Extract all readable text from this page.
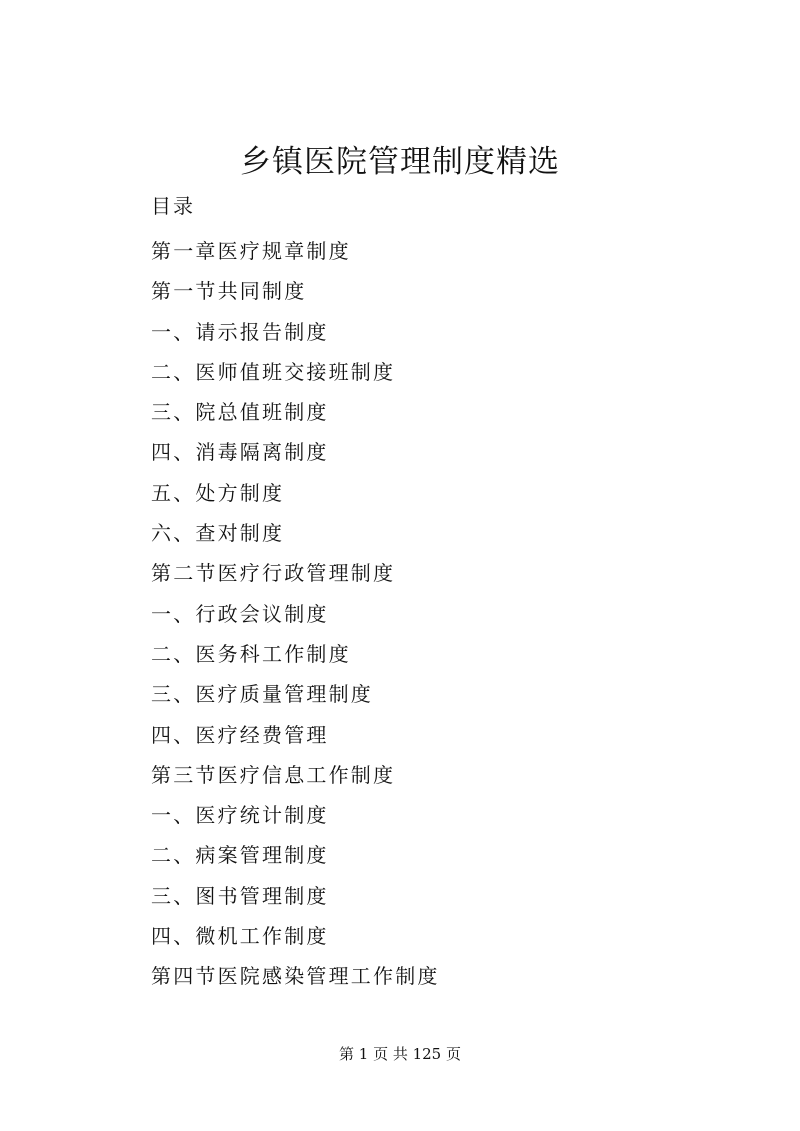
乡镇医院管理制度精选
目录
第一章医疗规章制度
第一节共同制度
一、请示报告制度
二、医师值班交接班制度
三、院总值班制度
四、消毒隔离制度
五、处方制度
六、查对制度
第二节医疗行政管理制度
一、行政会议制度
二、医务科工作制度
三、医疗质量管理制度
四、医疗经费管理
第三节医疗信息工作制度
一、医疗统计制度
二、病案管理制度
三、图书管理制度
四、微机工作制度
第四节医院感染管理工作制度
第 1 页 共 125 页
